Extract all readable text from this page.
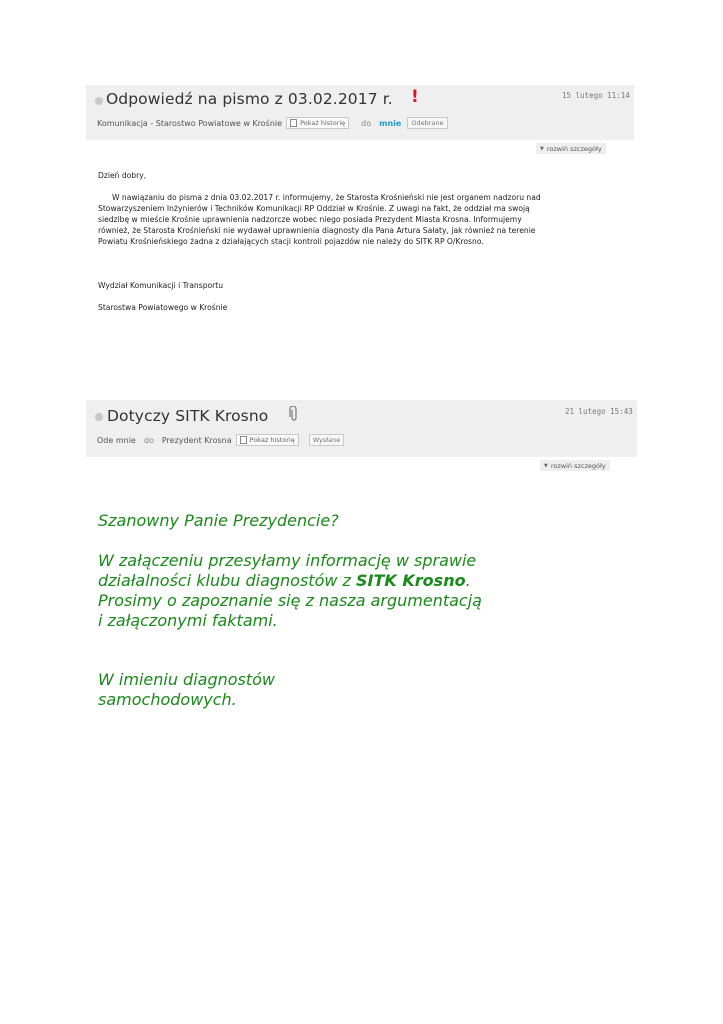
Odpowiedź na pismo z 03.02.2017 r. !	15 lutego 11:14
Komunikacja - Starostwo Powiatowe w Krośnie	Pokaż historię do mnie	Odebrane
▼ rozwiń szczegóły

Dzień dobry,

W nawiązaniu do pisma z dnia 03.02.2017 r. informujemy, że Starosta Krośnieński nie jest organem nadzoru nad

Stowarzyszeniem Inżynierów i Techników Komunikacji RP Oddział w Krośnie. Z uwagi na fakt, że oddział ma swoją

siedzibę w mieście Krośnie uprawnienia nadzorcze wobec niego posiada Prezydent Miasta Krosna. Informujemy

również, że Starosta Krośnieński nie wydawał uprawnienia diagnosty dla Pana Artura Sałaty, jak również na terenie

Powiatu Krośnieńskiego żadna z działających stacji kontroli pojazdów nie należy do SITK RP O/Krosno.

Wydział Komunikacji i Transportu

Starostwa Powiatowego w Krośnie

Dotyczy SITK Krosno	21 lutego 15:43
Ode mnie do Prezydent Krosna	Pokaż historię	Wysłane
▼ rozwiń szczegóły
Szanowny Panie Prezydencie?
W załączeniu przesyłamy informację w sprawie
działalności klubu diagnostów z SITK Krosno.
Prosimy o zapoznanie się z nasza argumentacją
i załączonymi faktami.
W imieniu diagnostów
samochodowych.
